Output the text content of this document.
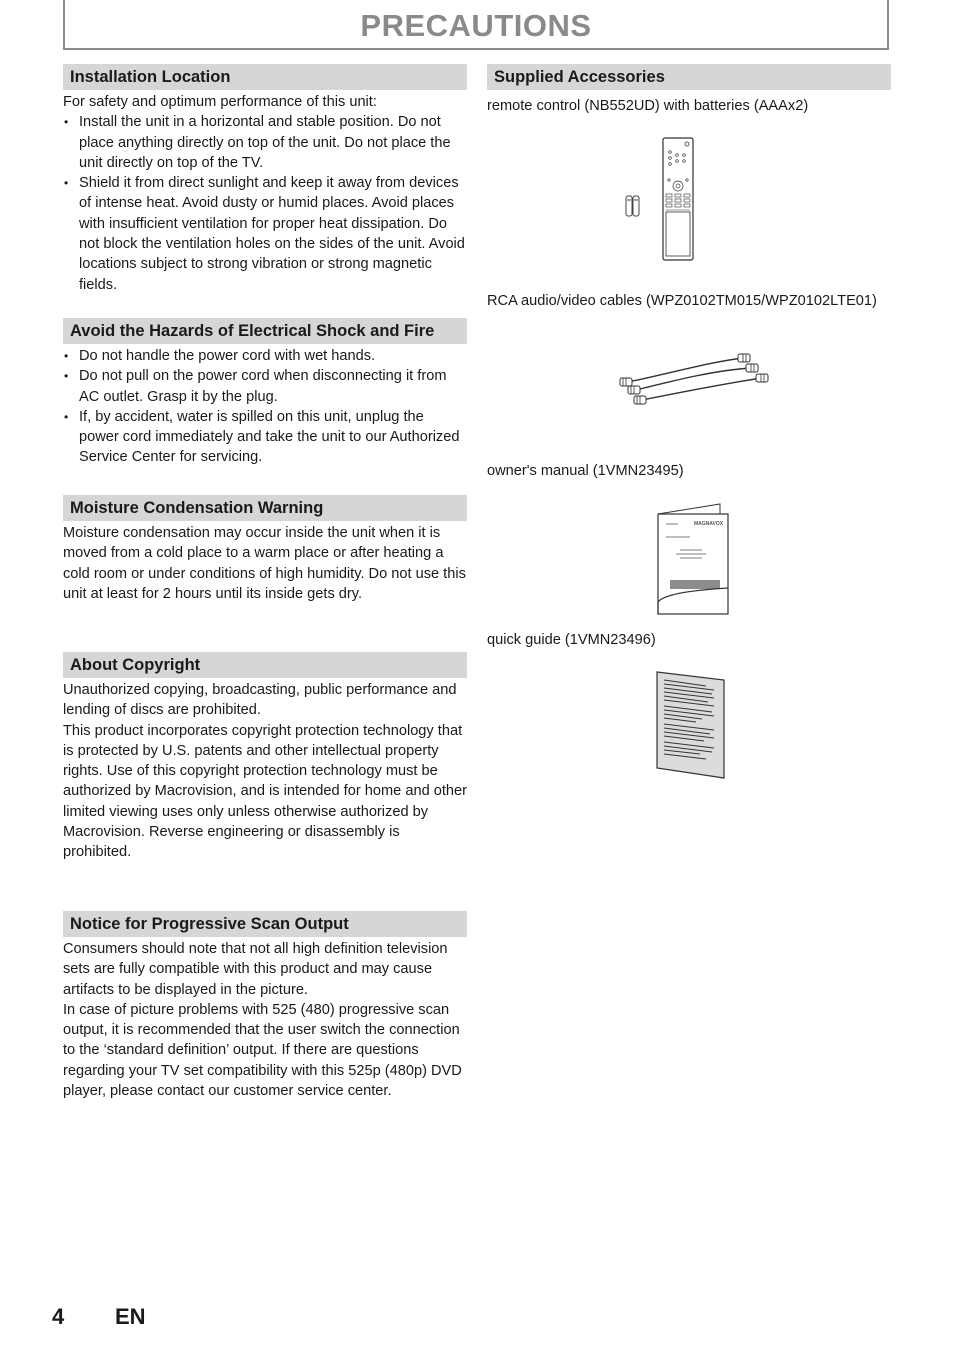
PRECAUTIONS
Installation Location

For safety and optimum performance of this unit:

• Install the unit in a horizontal and stable position. Do not place anything directly on top of the unit. Do not place the unit directly on top of the TV.
• Shield it from direct sunlight and keep it away from devices of intense heat. Avoid dusty or humid places. Avoid places with insufficient ventilation for proper heat dissipation. Do not block the ventilation holes on the sides of the unit. Avoid locations subject to strong vibration or strong magnetic fields.
Avoid the Hazards of Electrical Shock and Fire
• Do not handle the power cord with wet hands.
• Do not pull on the power cord when disconnecting it from AC outlet. Grasp it by the plug.
• If, by accident, water is spilled on this unit, unplug the power cord immediately and take the unit to our Authorized Service Center for servicing.
Moisture Condensation Warning

Moisture condensation may occur inside the unit when it is moved from a cold place to a warm place or after heating a cold room or under conditions of high humidity. Do not use this unit at least for 2 hours until its inside gets dry.

About Copyright

Unauthorized copying, broadcasting, public performance and lending of discs are prohibited.

This product incorporates copyright protection technology that is protected by U.S. patents and other intellectual property rights. Use of this copyright protection technology must be authorized by Macrovision, and is intended for home and other limited viewing uses only unless otherwise authorized by Macrovision. Reverse engineering or disassembly is prohibited.

Notice for Progressive Scan Output

Consumers should note that not all high definition television sets are fully compatible with this product and may cause artifacts to be displayed in the picture.

In case of picture problems with 525 (480) progressive scan output, it is recommended that the user switch the connection to the ‘standard definition’ output. If there are questions regarding your TV set compatibility with this 525p (480p) DVD player, please contact our customer service center.

Supplied Accessories
remote control (NB552UD) with batteries (AAAx2)
RCA audio/video cables (WPZ0102TM015/WPZ0102LTE01)
owner's manual (1VMN23495)
MAGNAVOX
quick guide (1VMN23496)
4 EN
